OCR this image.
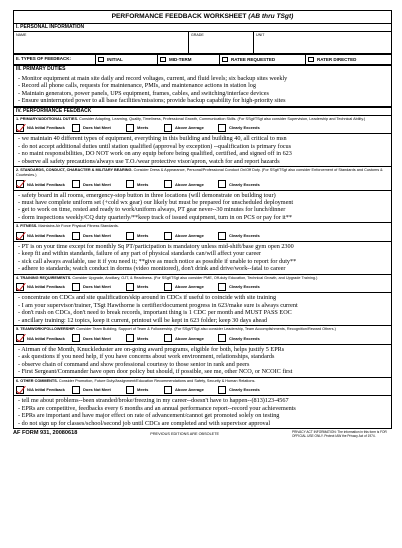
PERFORMANCE FEEDBACK WORKSHEET (AB thru TSgt)
I. PERSONAL INFORMATION
NAME	GRADE	UNIT
II. TYPES OF FEEDBACK:	INITIAL	MID-TERM	RATEE REQUESTED	RATER DIRECTED
III. PRIMARY DUTIES
- Monitor equipment at main site daily and record voltages, current, and fluid levels; six backup sites weekly
- Record all phone calls, requests for maintenance, PMIs, and maintenance actions in station log
- Maintain generators, power panels, UPS equipment, frames, cables, and switching/interface devices
- Ensure uninterrupted power to all base facilities/missions; provide backup capability for high-priority sites
IV. PERFORMANCE FEEDBACK
1. PRIMARY/ADDITIONAL DUTIES. Consider Adapting, Learning, Quality, Timeliness, Professional Growth, Communication Skills. (For SSgt/TSgt also consider Supervision, Leadership and Technical Ability.)
N/A Initial Feedback	Does Not Meet	Meets	Above Average	Clearly Exceeds
- we maintain 40 different types of equipment, everything in this building and building 40, all critical to msn
- do not accept additional duties until station qualified (approval by exception) --qualification is primary focus
- no maint responsibilities, DO NOT work on any equip before being qualified, certified, and signed off in 623
- observe all safety precautions/always use T.O./wear protective visor/apron, watch for and report hazards
2. STANDARDS, CONDUCT, CHARACTER & MILITARY BEARING. Consider Dress & Appearance, Personal/Professional Conduct On/Off Duty. (For SSgt/TSgt also consider Enforcement of Standards and Customs & Courtesies.)
N/A Initial Feedback	Does Not Meet	Meets	Above Average	Clearly Exceeds
- safety board in all rooms, emergency-stop button in three locations (will demonstrate on building tour)
- must have complete uniform set (+cold wx gear) our likely but must be prepared for unscheduled deployment
- get to work on time, rested and ready to work/uniform always, PT gear never--30 minutes for lunch/dinner
- dorm inspections weekly/CQ duty quarterly/**keep track of issued equipment, turn in on PCS or pay for it**
3. FITNESS. Maintains Air Force Physical Fitness Standards.
N/A Initial Feedback	Does Not Meet	Meets	Above Average	Clearly Exceeds
- PT is on your time except for monthly Sq PT/participation is mandatory unless mid-shift/base gym open 2300
- keep fit and within standards, failure of any part of physical standards can/will affect your career
- sick call always available, use it if you need it; **give as much notice as possible if unable to report for duty**
- adhere to standards; watch conduct in dorms (video monitored), don't drink and drive/work--fatal to career
4. TRAINING REQUIREMENTS. Consider Upgrade, Ancillary, OJT, & Readiness. (For SSgt/TSgt also consider PME, Off-duty Education, Technical Growth, and Upgrade Training.)
N/A Initial Feedback	Does Not Meet	Meets	Above Average	Clearly Exceeds
- concentrate on CDCs and site qualification/skip around in CDCs if useful to coincide with site training
- I am your supervisor/trainer, TSgt Hawthorne is certifier/document progress in 623/make sure is always current
- don't rush on CDCs, don't need to break records, important thing is 1 CDC per month and MUST PASS EOC
- ancillary training: 12 topics, keep it current, printout will be kept in 623 folder; keep 30 days ahead
5. TEAMWORK/FOLLOWERSHIP. Consider Team Building, Support of Team & Followership. (For SSgt/TSgt also consider Leadership, Team Accomplishments, Recognition/Reward Others.)
N/A Initial Feedback	Does Not Meet	Meets	Above Average	Clearly Exceeds
- Airman of the Month, Knuckleduster are on-going award programs, eligible for both, helps justify 5 EPRs
- ask questions if you need help, if you have concerns about work environment, relationships, standards
- observe chain of command and show professional courtesy to those senior in rank and peers
- First Sergeant/Commander have open door policy but should, if possible, see me, other NCO, or NCOIC first
6. OTHER COMMENTS. Consider Promotion, Future Duty/Assignment/Education Recommendations and Safety, Security & Human Relations.
N/A Initial Feedback	Does Not Meet	Meets	Above Average	Clearly Exceeds
- tell me about problems--been stranded/broke/freezing in my career--doesn't have to happen--(813)123-4567
- EPRs are competitive, feedbacks every 6 months and an annual performance report--record your achievements
- EPRs are important and have major effect on rate of advancement/cannot get promoted solely on testing
- do not sign up for classes/school/second job until CDCs are completed and with supervisor approval
AF FORM 931, 20080618	PREVIOUS EDITIONS ARE OBSOLETE	PRIVACY ACT INFORMATION: The information in this form is FOR OFFICIAL USE ONLY. Protect IAW the Privacy Act of 1974.
